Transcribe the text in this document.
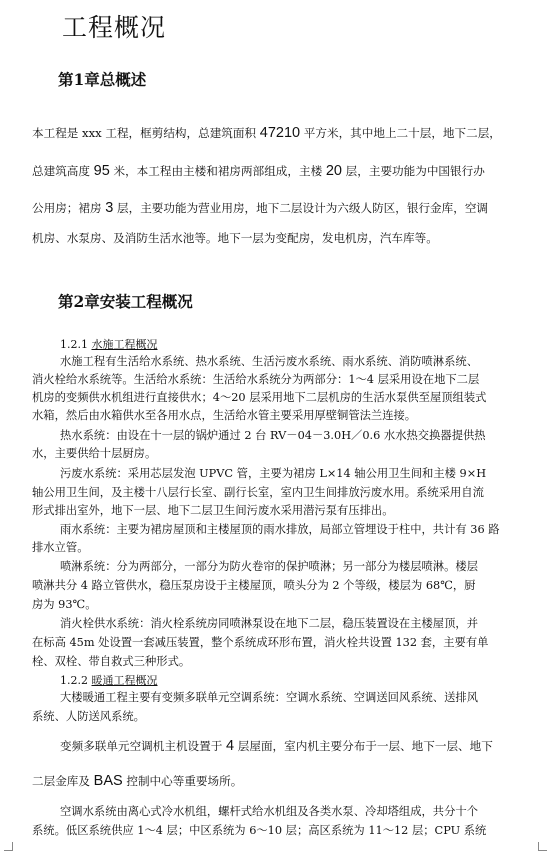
工程概况
第1章总概述
本工程是 xxx 工程，框剪结构，总建筑面积 47210 平方米，其中地上二十层，地下二层，
总建筑高度 95 米，本工程由主楼和裙房两部组成，主楼 20 层，主要功能为中国银行办
公用房；裙房 3 层，主要功能为营业用房，地下二层设计为六级人防区，银行金库，空调
机房、水泵房、及消防生活水池等。地下一层为变配房，发电机房，汽车库等。
第2章安装工程概况
1.2.1 水施工程概况
水施工程有生活给水系统、热水系统、生活污废水系统、雨水系统、消防喷淋系统、
消火栓给水系统等。生活给水系统：生活给水系统分为两部分：1～4 层采用设在地下二层
机房的变频供水机组进行直接供水；4～20 层采用地下二层机房的生活水泵供至屋顶组装式
水箱，然后由水箱供水至各用水点，生活给水管主要采用厚壁铜管法兰连接。
热水系统：由设在十一层的锅炉通过 2 台 RV－04－3.0H／0.6 水水热交换器提供热
水，主要供给十层厨房。
污废水系统：采用芯层发泡 UPVC 管，主要为裙房 L×14 轴公用卫生间和主楼 9×H
轴公用卫生间，及主楼十八层行长室、副行长室，室内卫生间排放污废水用。系统采用自流
形式排出室外，地下一层、地下二层卫生间污废水采用潜污泵有压排出。
雨水系统：主要为裙房屋顶和主楼屋顶的雨水排放，局部立管埋设于柱中，共计有 36 路
排水立管。
喷淋系统：分为两部分，一部分为防火卷帘的保护喷淋；另一部分为楼层喷淋。楼层
喷淋共分 4 路立管供水，稳压泵房设于主楼屋顶，喷头分为 2 个等级，楼层为 68℃，厨
房为 93℃。
消火栓供水系统：消火栓系统房同喷淋泵设在地下二层，稳压装置设在主楼屋顶，并
在标高 45m 处设置一套减压装置，整个系统成环形布置，消火栓共设置 132 套，主要有单
栓、双栓、带自救式三种形式。
1.2.2 暖通工程概况
大楼暖通工程主要有变频多联单元空调系统：空调水系统、空调送回风系统、送排风
系统、人防送风系统。
变频多联单元空调机主机设置于 4 层屋面，室内机主要分布于一层、地下一层、地下
二层金库及 BAS 控制中心等重要场所。
空调水系统由离心式冷水机组，螺杆式给水机组及各类水泵、冷却塔组成，共分十个
系统。低区系统供应 1～4 层；中区系统为 6～10 层；高区系统为 11～12 层；CPU 系统
